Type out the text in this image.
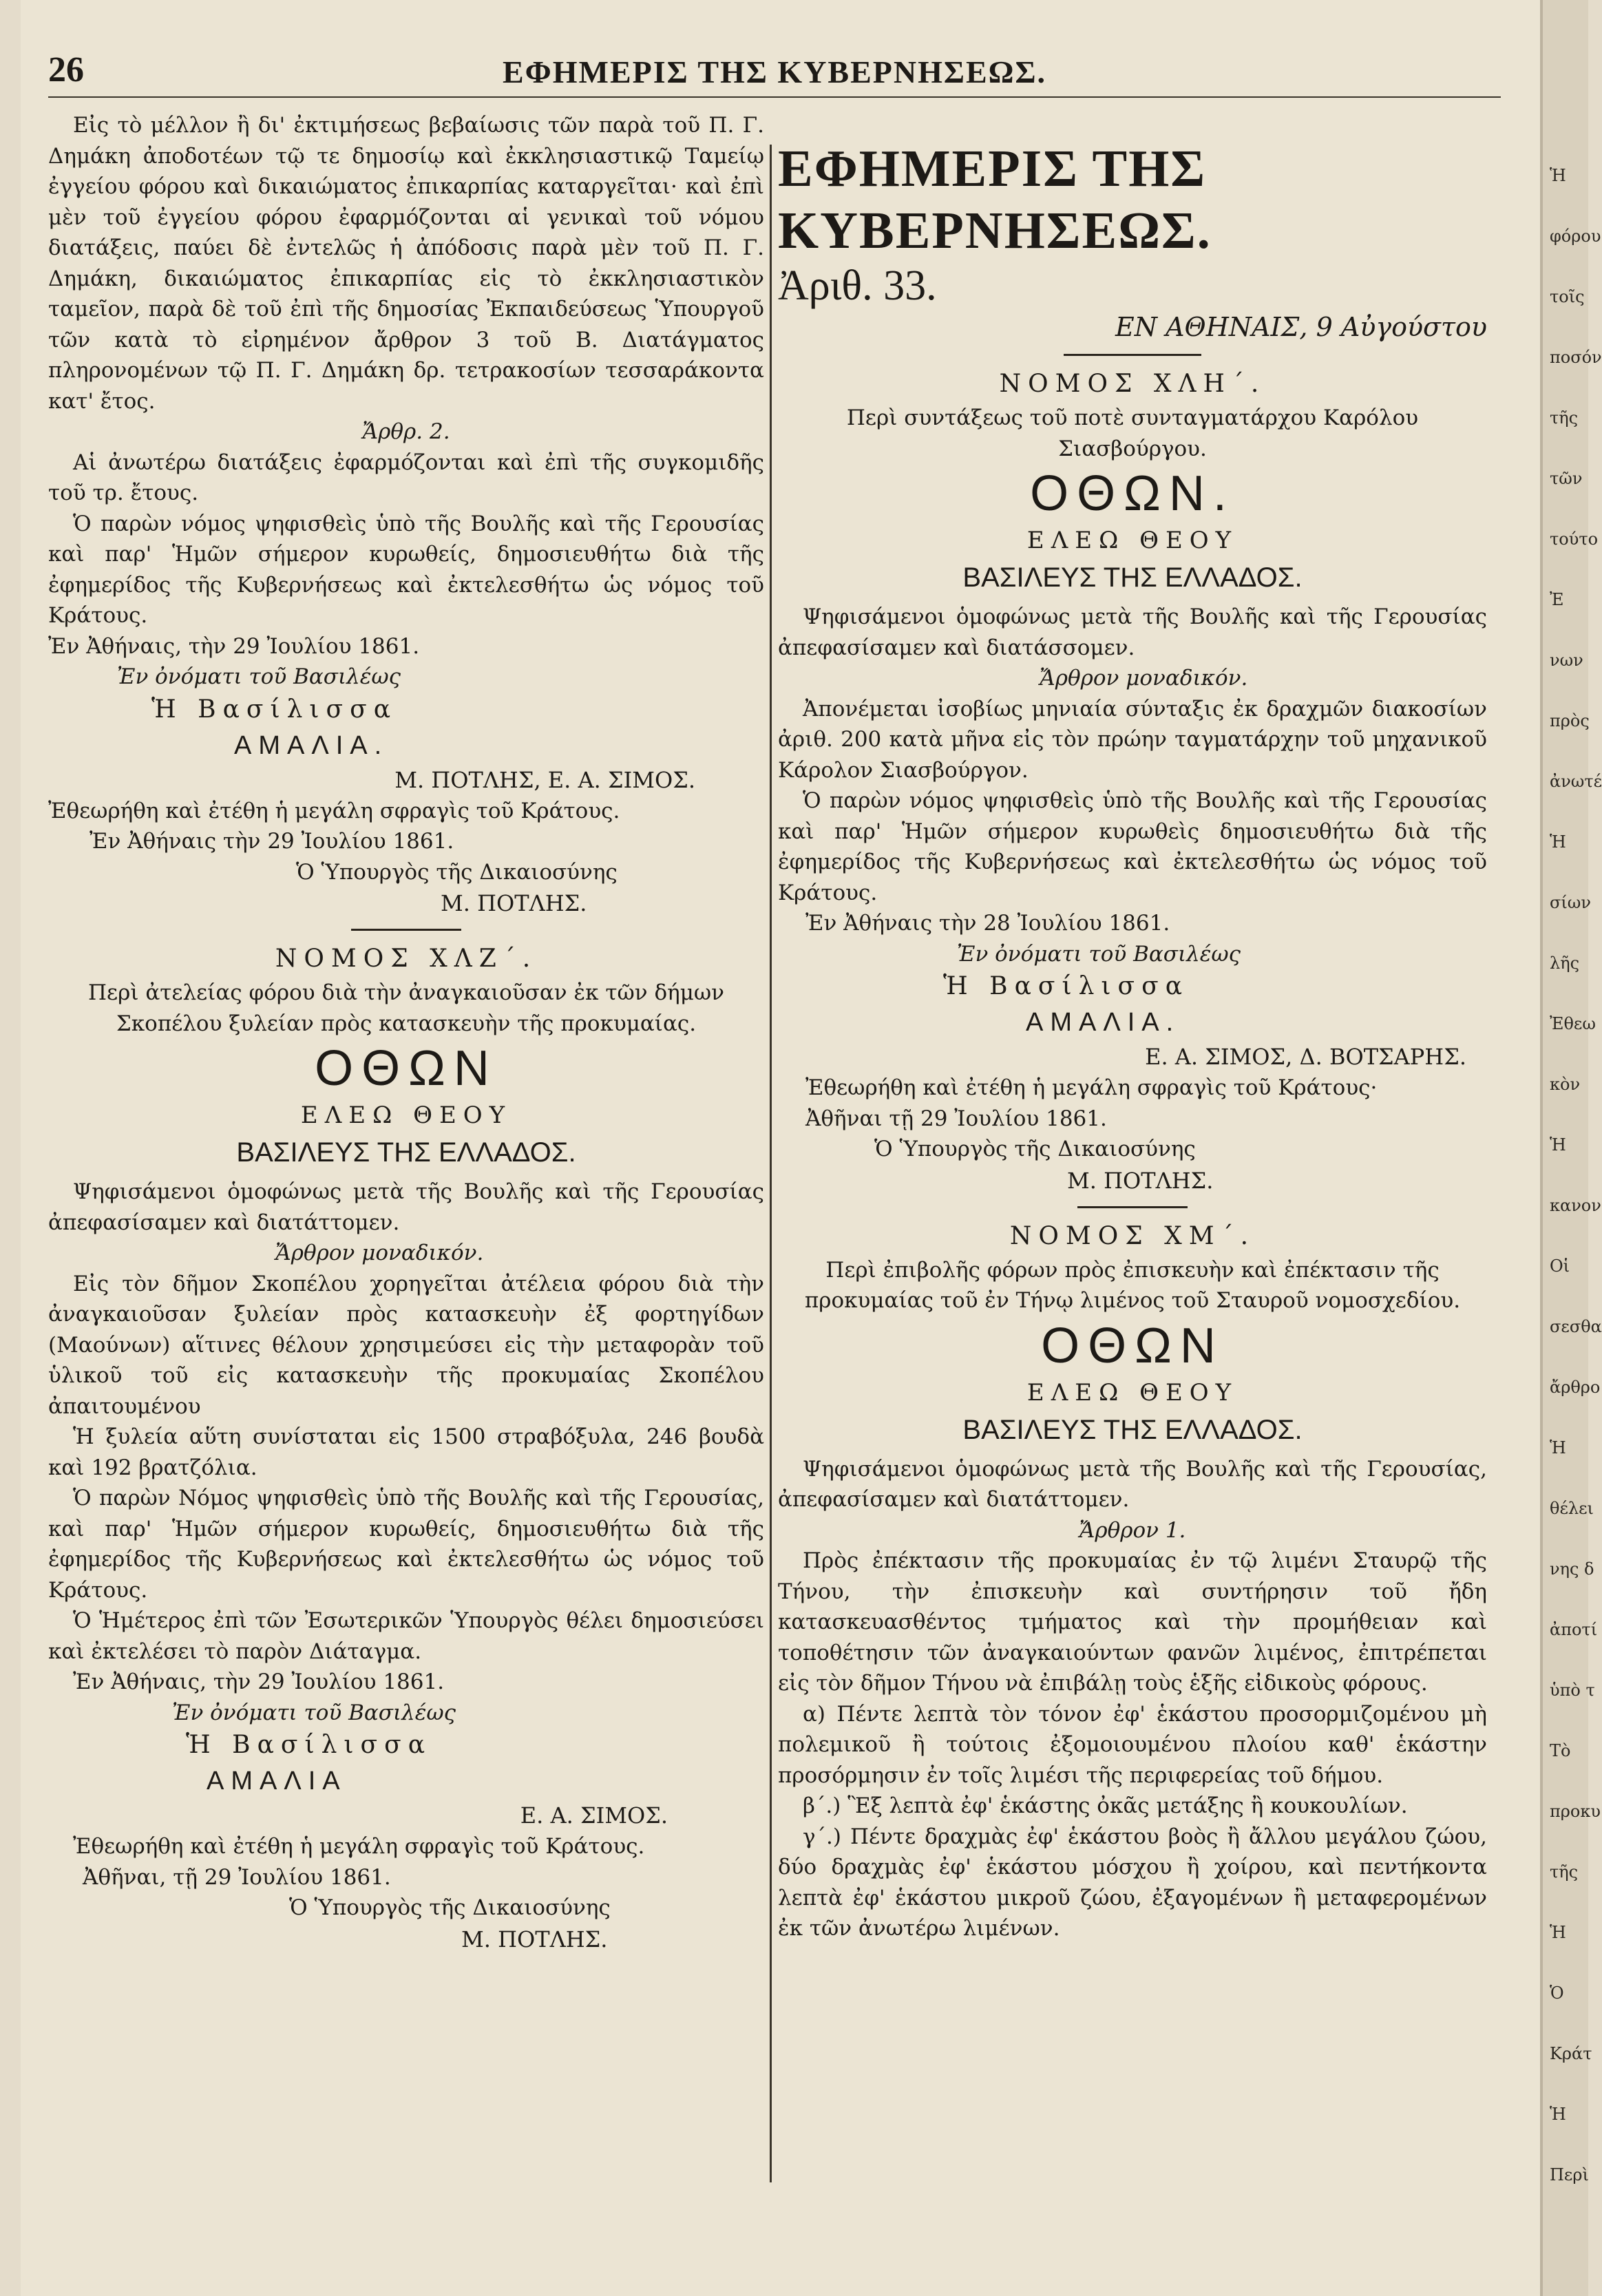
Ἡ
φόρου
τοῖς
ποσόν
τῆς
τῶν
τούτο
Ἐ
νων
πρὸς
ἀνωτέ
Ἡ
σίων
λῆς
Ἐθεω
κὸν
Ἡ
κανον
Οἱ
σεσθα
ἄρθρο
Ἡ
θέλει
νης δ
ἀποτί
ὑπὸ τ
Τὸ
προκυ
τῆς
Ἡ
Ὁ
Κράτ
Ἡ
Περὶ
26	ΕΦΗΜΕΡΙΣ ΤΗΣ ΚΥΒΕΡΝΗΣΕΩΣ.

Εἰς τὸ μέλλον ἢ δι' ἐκτιμήσεως βεβαίωσις τῶν παρὰ τοῦ Π. Γ. Δημάκη ἀποδοτέων τῷ τε δημοσίῳ καὶ ἐκκλησιαστικῷ Ταμείῳ ἐγγείου φόρου καὶ δικαιώματος ἐπικαρπίας καταργεῖται· καὶ ἐπὶ μὲν τοῦ ἐγγείου φόρου ἐφαρμόζονται αἱ γενικαὶ τοῦ νόμου διατάξεις, παύει δὲ ἐντελῶς ἡ ἀπόδοσις παρὰ μὲν τοῦ Π. Γ. Δημάκη, δικαιώματος ἐπικαρπίας εἰς τὸ ἐκκλησιαστικὸν ταμεῖον, παρὰ δὲ τοῦ ἐπὶ τῆς δημοσίας Ἐκπαιδεύσεως Ὑπουργοῦ τῶν κατὰ τὸ εἰρημένον ἄρθρον 3 τοῦ Β. Διατάγματος πληρονομένων τῷ Π. Γ. Δημάκη δρ. τετρακοσίων τεσσαράκοντα κατ' ἔτος.

Ἄρθρ. 2.

Αἱ ἀνωτέρω διατάξεις ἐφαρμόζονται καὶ ἐπὶ τῆς συγκομιδῆς τοῦ τρ. ἔτους.

Ὁ παρὼν νόμος ψηφισθεὶς ὑπὸ τῆς Βουλῆς καὶ τῆς Γερουσίας καὶ παρ' Ἡμῶν σήμερον κυρωθείς, δημοσιευθήτω διὰ τῆς ἐφημερίδος τῆς Κυβερνήσεως καὶ ἐκτελεσθήτω ὡς νόμος τοῦ Κράτους.

Ἐν Ἀθήναις, τὴν 29 Ἰουλίου 1861.

Ἐν ὀνόματι τοῦ Βασιλέως

Ἡ Βασίλισσα

ΑΜΑΛΙΑ.

Μ. ΠΟΤΛΗΣ, Ε. Α. ΣΙΜΟΣ.

Ἐθεωρήθη καὶ ἐτέθη ἡ μεγάλη σφραγὶς τοῦ Κράτους.

Ἐν Ἀθήναις τὴν 29 Ἰουλίου 1861.

Ὁ Ὑπουργὸς τῆς Δικαιοσύνης

Μ. ΠΟΤΛΗΣ.

ΝΟΜΟΣ ΧΛΖ΄.

Περὶ ἀτελείας φόρου διὰ τὴν ἀναγκαιοῦσαν ἐκ τῶν δήμων Σκοπέλου ξυλείαν πρὸς κατασκευὴν τῆς προκυμαίας.

ΟΘΩΝ

ΕΛΕΩ ΘΕΟΥ

ΒΑΣΙΛΕΥΣ ΤΗΣ ΕΛΛΑΔΟΣ.

Ψηφισάμενοι ὁμοφώνως μετὰ τῆς Βουλῆς καὶ τῆς Γερουσίας ἀπεφασίσαμεν καὶ διατάττομεν.

Ἄρθρον μοναδικόν.

Εἰς τὸν δῆμον Σκοπέλου χορηγεῖται ἀτέλεια φόρου διὰ τὴν ἀναγκαιοῦσαν ξυλείαν πρὸς κατασκευὴν ἐξ φορτηγίδων (Μαούνων) αἵτινες θέλουν χρησιμεύσει εἰς τὴν μεταφορὰν τοῦ ὑλικοῦ τοῦ εἰς κατασκευὴν τῆς προκυμαίας Σκοπέλου ἀπαιτουμένου

Ἡ ξυλεία αὕτη συνίσταται εἰς 1500 στραβόξυλα, 246 βουδὰ καὶ 192 βρατζόλια.

Ὁ παρὼν Νόμος ψηφισθεὶς ὑπὸ τῆς Βουλῆς καὶ τῆς Γερουσίας, καὶ παρ' Ἡμῶν σήμερον κυρωθείς, δημοσιευθήτω διὰ τῆς ἐφημερίδος τῆς Κυβερνήσεως καὶ ἐκτελεσθήτω ὡς νόμος τοῦ Κράτους.

Ὁ Ἡμέτερος ἐπὶ τῶν Ἐσωτερικῶν Ὑπουργὸς θέλει δημοσιεύσει καὶ ἐκτελέσει τὸ παρὸν Διάταγμα.

Ἐν Ἀθήναις, τὴν 29 Ἰουλίου 1861.

Ἐν ὀνόματι τοῦ Βασιλέως

Ἡ Βασίλισσα

ΑΜΑΛΙΑ

Ε. Α. ΣΙΜΟΣ.

Ἐθεωρήθη καὶ ἐτέθη ἡ μεγάλη σφραγὶς τοῦ Κράτους.

Ἀθῆναι, τῇ 29 Ἰουλίου 1861.

Ὁ Ὑπουργὸς τῆς Δικαιοσύνης

Μ. ΠΟΤΛΗΣ.

ΕΦΗΜΕΡΙΣ ΤΗΣ ΚΥΒΕΡΝΗΣΕΩΣ.

Ἀριθ. 33.

ΕΝ ΑΘΗΝΑΙΣ, 9 Αὐγούστου

ΝΟΜΟΣ ΧΛΗ΄.

Περὶ συντάξεως τοῦ ποτὲ συνταγματάρχου Καρόλου Σιασβούργου.

ΟΘΩΝ.

ΕΛΕΩ ΘΕΟΥ

ΒΑΣΙΛΕΥΣ ΤΗΣ ΕΛΛΑΔΟΣ.

Ψηφισάμενοι ὁμοφώνως μετὰ τῆς Βουλῆς καὶ τῆς Γερουσίας ἀπεφασίσαμεν καὶ διατάσσομεν.

Ἄρθρον μοναδικόν.

Ἀπονέμεται ἰσοβίως μηνιαία σύνταξις ἐκ δραχμῶν διακοσίων ἀριθ. 200 κατὰ μῆνα εἰς τὸν πρώην ταγματάρχην τοῦ μηχανικοῦ Κάρολον Σιασβούργον.

Ὁ παρὼν νόμος ψηφισθεὶς ὑπὸ τῆς Βουλῆς καὶ τῆς Γερουσίας καὶ παρ' Ἡμῶν σήμερον κυρωθεὶς δημοσιευθήτω διὰ τῆς ἐφημερίδος τῆς Κυβερνήσεως καὶ ἐκτελεσθήτω ὡς νόμος τοῦ Κράτους.

Ἐν Ἀθήναις τὴν 28 Ἰουλίου 1861.

Ἐν ὀνόματι τοῦ Βασιλέως

Ἡ Βασίλισσα

ΑΜΑΛΙΑ.

Ε. Α. ΣΙΜΟΣ, Δ. ΒΟΤΣΑΡΗΣ.

Ἐθεωρήθη καὶ ἐτέθη ἡ μεγάλη σφραγὶς τοῦ Κράτους·

Ἀθῆναι τῇ 29 Ἰουλίου 1861.

Ὁ Ὑπουργὸς τῆς Δικαιοσύνης

Μ. ΠΟΤΛΗΣ.

ΝΟΜΟΣ ΧΜ΄.

Περὶ ἐπιβολῆς φόρων πρὸς ἐπισκευὴν καὶ ἐπέκτασιν τῆς προκυμαίας τοῦ ἐν Τήνῳ λιμένος τοῦ Σταυροῦ νομοσχεδίου.

ΟΘΩΝ

ΕΛΕΩ ΘΕΟΥ

ΒΑΣΙΛΕΥΣ ΤΗΣ ΕΛΛΑΔΟΣ.

Ψηφισάμενοι ὁμοφώνως μετὰ τῆς Βουλῆς καὶ τῆς Γερουσίας, ἀπεφασίσαμεν καὶ διατάττομεν.

Ἄρθρον 1.

Πρὸς ἐπέκτασιν τῆς προκυμαίας ἐν τῷ λιμένι Σταυρῷ τῆς Τήνου, τὴν ἐπισκευὴν καὶ συντήρησιν τοῦ ἤδη κατασκευασθέντος τμήματος καὶ τὴν προμήθειαν καὶ τοποθέτησιν τῶν ἀναγκαιούντων φανῶν λιμένος, ἐπιτρέπεται εἰς τὸν δῆμον Τήνου νὰ ἐπιβάλῃ τοὺς ἑξῆς εἰδικοὺς φόρους.

α) Πέντε λεπτὰ τὸν τόνον ἐφ' ἑκάστου προσορμιζομένου μὴ πολεμικοῦ ἢ τούτοις ἐξομοιουμένου πλοίου καθ' ἑκάστην προσόρμησιν ἐν τοῖς λιμέσι τῆς περιφερείας τοῦ δήμου.

β΄.) Ἓξ λεπτὰ ἐφ' ἑκάστης ὀκᾶς μετάξης ἢ κουκουλίων.

γ΄.) Πέντε δραχμὰς ἐφ' ἑκάστου βοὸς ἢ ἄλλου μεγάλου ζώου, δύο δραχμὰς ἐφ' ἑκάστου μόσχου ἢ χοίρου, καὶ πεντήκοντα λεπτὰ ἐφ' ἑκάστου μικροῦ ζώου, ἐξαγομένων ἢ μεταφερομένων ἐκ τῶν ἀνωτέρω λιμένων.
